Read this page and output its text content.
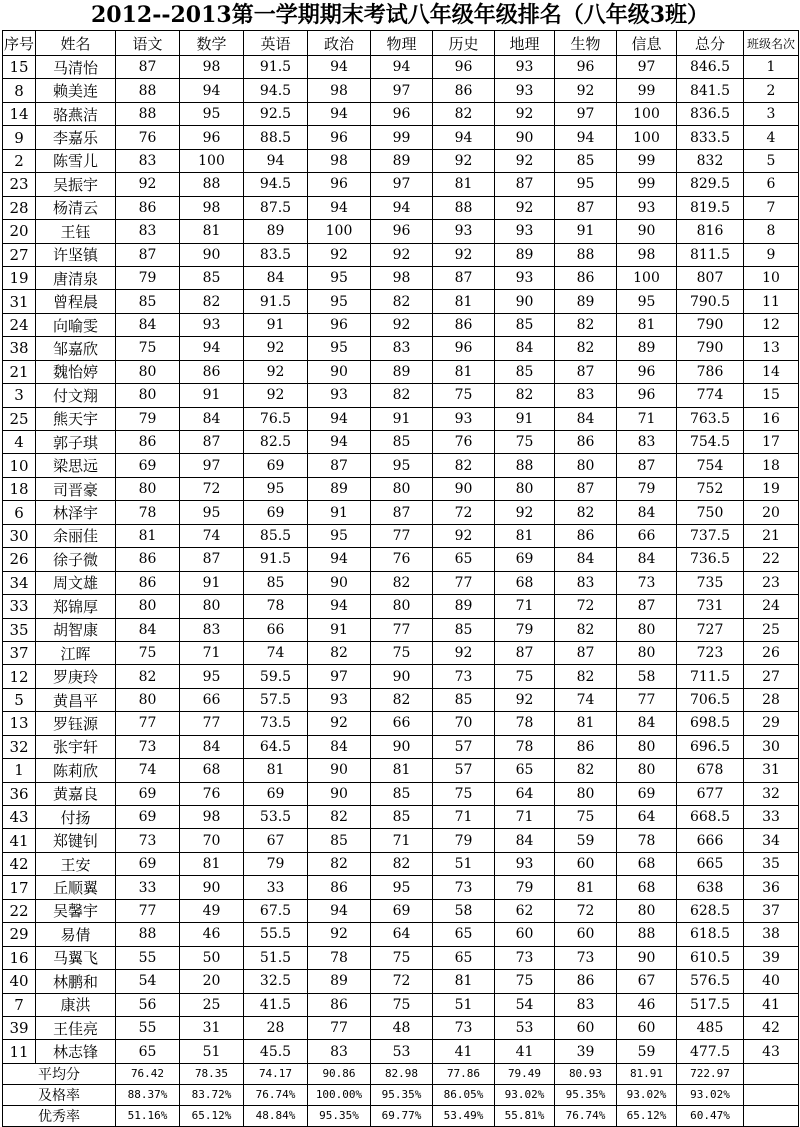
2012--2013第一学期期末考试八年级年级排名（八年级3班）
序号	姓名	语文	数学	英语	政治	物理	历史	地理	生物	信息	总分	班级名次
15	马清怡	87	98	91.5	94	94	96	93	96	97	846.5	1
8	赖美连	88	94	94.5	98	97	86	93	92	99	841.5	2
14	骆燕洁	88	95	92.5	94	96	82	92	97	100	836.5	3
9	李嘉乐	76	96	88.5	96	99	94	90	94	100	833.5	4
2	陈雪儿	83	100	94	98	89	92	92	85	99	832	5
23	吴振宇	92	88	94.5	96	97	81	87	95	99	829.5	6
28	杨清云	86	98	87.5	94	94	88	92	87	93	819.5	7
20	王钰	83	81	89	100	96	93	93	91	90	816	8
27	许坚镇	87	90	83.5	92	92	92	89	88	98	811.5	9
19	唐清泉	79	85	84	95	98	87	93	86	100	807	10
31	曾程晨	85	82	91.5	95	82	81	90	89	95	790.5	11
24	向喻雯	84	93	91	96	92	86	85	82	81	790	12
38	邹嘉欣	75	94	92	95	83	96	84	82	89	790	13
21	魏怡婷	80	86	92	90	89	81	85	87	96	786	14
3	付文翔	80	91	92	93	82	75	82	83	96	774	15
25	熊天宇	79	84	76.5	94	91	93	91	84	71	763.5	16
4	郭子琪	86	87	82.5	94	85	76	75	86	83	754.5	17
10	梁思远	69	97	69	87	95	82	88	80	87	754	18
18	司晋豪	80	72	95	89	80	90	80	87	79	752	19
6	林泽宇	78	95	69	91	87	72	92	82	84	750	20
30	余丽佳	81	74	85.5	95	77	92	81	86	66	737.5	21
26	徐子微	86	87	91.5	94	76	65	69	84	84	736.5	22
34	周文雄	86	91	85	90	82	77	68	83	73	735	23
33	郑锦厚	80	80	78	94	80	89	71	72	87	731	24
35	胡智康	84	83	66	91	77	85	79	82	80	727	25
37	江晖	75	71	74	82	75	92	87	87	80	723	26
12	罗庚玲	82	95	59.5	97	90	73	75	82	58	711.5	27
5	黄昌平	80	66	57.5	93	82	85	92	74	77	706.5	28
13	罗钰源	77	77	73.5	92	66	70	78	81	84	698.5	29
32	张宇轩	73	84	64.5	84	90	57	78	86	80	696.5	30
1	陈莉欣	74	68	81	90	81	57	65	82	80	678	31
36	黄嘉良	69	76	69	90	85	75	64	80	69	677	32
43	付扬	69	98	53.5	82	85	71	71	75	64	668.5	33
41	郑键钊	73	70	67	85	71	79	84	59	78	666	34
42	王安	69	81	79	82	82	51	93	60	68	665	35
17	丘顺翼	33	90	33	86	95	73	79	81	68	638	36
22	吴馨宇	77	49	67.5	94	69	58	62	72	80	628.5	37
29	易倩	88	46	55.5	92	64	65	60	60	88	618.5	38
16	马翼飞	55	50	51.5	78	75	65	73	73	90	610.5	39
40	林鹏和	54	20	32.5	89	72	81	75	86	67	576.5	40
7	康洪	56	25	41.5	86	75	51	54	83	46	517.5	41
39	王佳亮	55	31	28	77	48	73	53	60	60	485	42
11	林志锋	65	51	45.5	83	53	41	41	39	59	477.5	43
平均分		76.42	78.35	74.17	90.86	82.98	77.86	79.49	80.93	81.91	722.97	
及格率		88.37%	83.72%	76.74%	100.00%	95.35%	86.05%	93.02%	95.35%	93.02%	93.02%	
优秀率		51.16%	65.12%	48.84%	95.35%	69.77%	53.49%	55.81%	76.74%	65.12%	60.47%	
